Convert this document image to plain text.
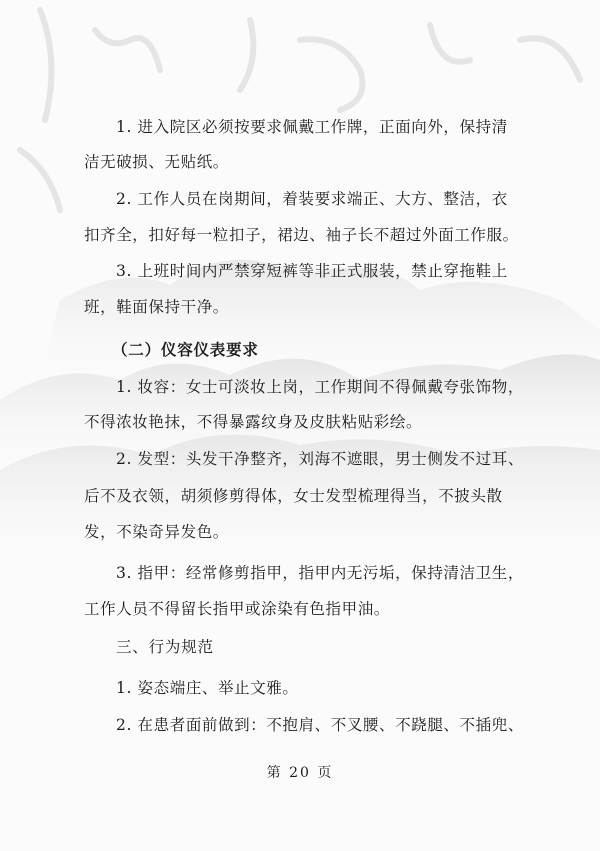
1. 进入院区必须按要求佩戴工作牌，正面向外，保持清
洁无破损、无贴纸。
2. 工作人员在岗期间，着装要求端正、大方、整洁，衣
扣齐全，扣好每一粒扣子，裙边、袖子长不超过外面工作服。
3. 上班时间内严禁穿短裤等非正式服装，禁止穿拖鞋上
班，鞋面保持干净。
（二）仪容仪表要求
1. 妆容：女士可淡妆上岗，工作期间不得佩戴夸张饰物，
不得浓妆艳抹，不得暴露纹身及皮肤粘贴彩绘。
2. 发型：头发干净整齐，刘海不遮眼，男士侧发不过耳、
后不及衣领，胡须修剪得体，女士发型梳理得当，不披头散
发，不染奇异发色。
3. 指甲：经常修剪指甲，指甲内无污垢，保持清洁卫生，
工作人员不得留长指甲或涂染有色指甲油。
三、行为规范
1. 姿态端庄、举止文雅。
2. 在患者面前做到：不抱肩、不叉腰、不跷腿、不插兜、
第 20 页
